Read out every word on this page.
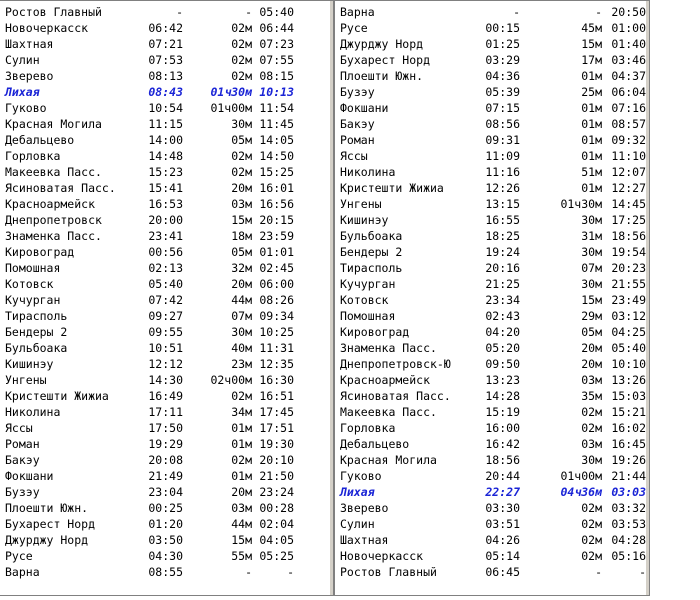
Ростов Главный	-	- 05:40
Новочеркасск	06:42	02м 06:44
Шахтная	07:21	02м 07:23
Сулин	07:53	02м 07:55
Зверево	08:13	02м 08:15
Лихая	08:43 01ч30м 10:13
Гуково	10:54 01ч00м 11:54
Красная Могила	11:15	30м 11:45
Дебальцево	14:00	05м 14:05
Горловка	14:48	02м 14:50
Макеевка Пасс.	15:23	02м 15:25
Ясиноватая Пасс.	15:41	20м 16:01
Красноармейск	16:53	03м 16:56
Днепропетровск	20:00	15м 20:15
Знаменка Пасс.	23:41	18м 23:59
Кировоград	00:56	05м 01:01
Помошная	02:13	32м 02:45
Котовск	05:40	20м 06:00
Кучурган	07:42	44м 08:26
Тирасполь	09:27	07м 09:34
Бендеры 2	09:55	30м 10:25
Бульбоака	10:51	40м 11:31
Кишинэу	12:12	23м 12:35
Унгены	14:30 02ч00м 16:30
Кристешти Жижиа	16:49	02м 16:51
Николина	17:11	34м 17:45
Яссы	17:50	01м 17:51
Роман	19:29	01м 19:30
Бакэу	20:08	02м 20:10
Фокшани	21:49	01м 21:50
Бузэу	23:04	20м 23:24
Плоешти Южн.	00:25	03м 00:28
Бухарест Норд	01:20	44м 02:04
Джурджу Норд	03:50	15м 04:05
Русе	04:30	55м 05:25
Варна	08:55	-	-
Варна	-	- 20:50
Русе	00:15	45м 01:00
Джурджу Норд	01:25	15м 01:40
Бухарест Норд	03:29	17м 03:46
Плоешти Южн.	04:36	01м 04:37
Бузэу	05:39	25м 06:04
Фокшани	07:15	01м 07:16
Бакэу	08:56	01м 08:57
Роман	09:31	01м 09:32
Яссы	11:09	01м 11:10
Николина	11:16	51м 12:07
Кристешти Жижиа	12:26	01м 12:27
Унгены	13:15	01ч30м 14:45
Кишинэу	16:55	30м 17:25
Бульбоака	18:25	31м 18:56
Бендеры 2	19:24	30м 19:54
Тирасполь	20:16	07м 20:23
Кучурган	21:25	30м 21:55
Котовск	23:34	15м 23:49
Помошная	02:43	29м 03:12
Кировоград	04:20	05м 04:25
Знаменка Пасс.	05:20	20м 05:40
Днепропетровск-Ю	09:50	20м 10:10
Красноармейск	13:23	03м 13:26
Ясиноватая Пасс.	14:28	35м 15:03
Макеевка Пасс.	15:19	02м 15:21
Горловка	16:00	02м 16:02
Дебальцево	16:42	03м 16:45
Красная Могила	18:56	30м 19:26
Гуково	20:44	01ч00м 21:44
Лихая	22:27	04ч36м 03:03
Зверево	03:30	02м 03:32
Сулин	03:51	02м 03:53
Шахтная	04:26	02м 04:28
Новочеркасск	05:14	02м 05:16
Ростов Главный	06:45	-	-
